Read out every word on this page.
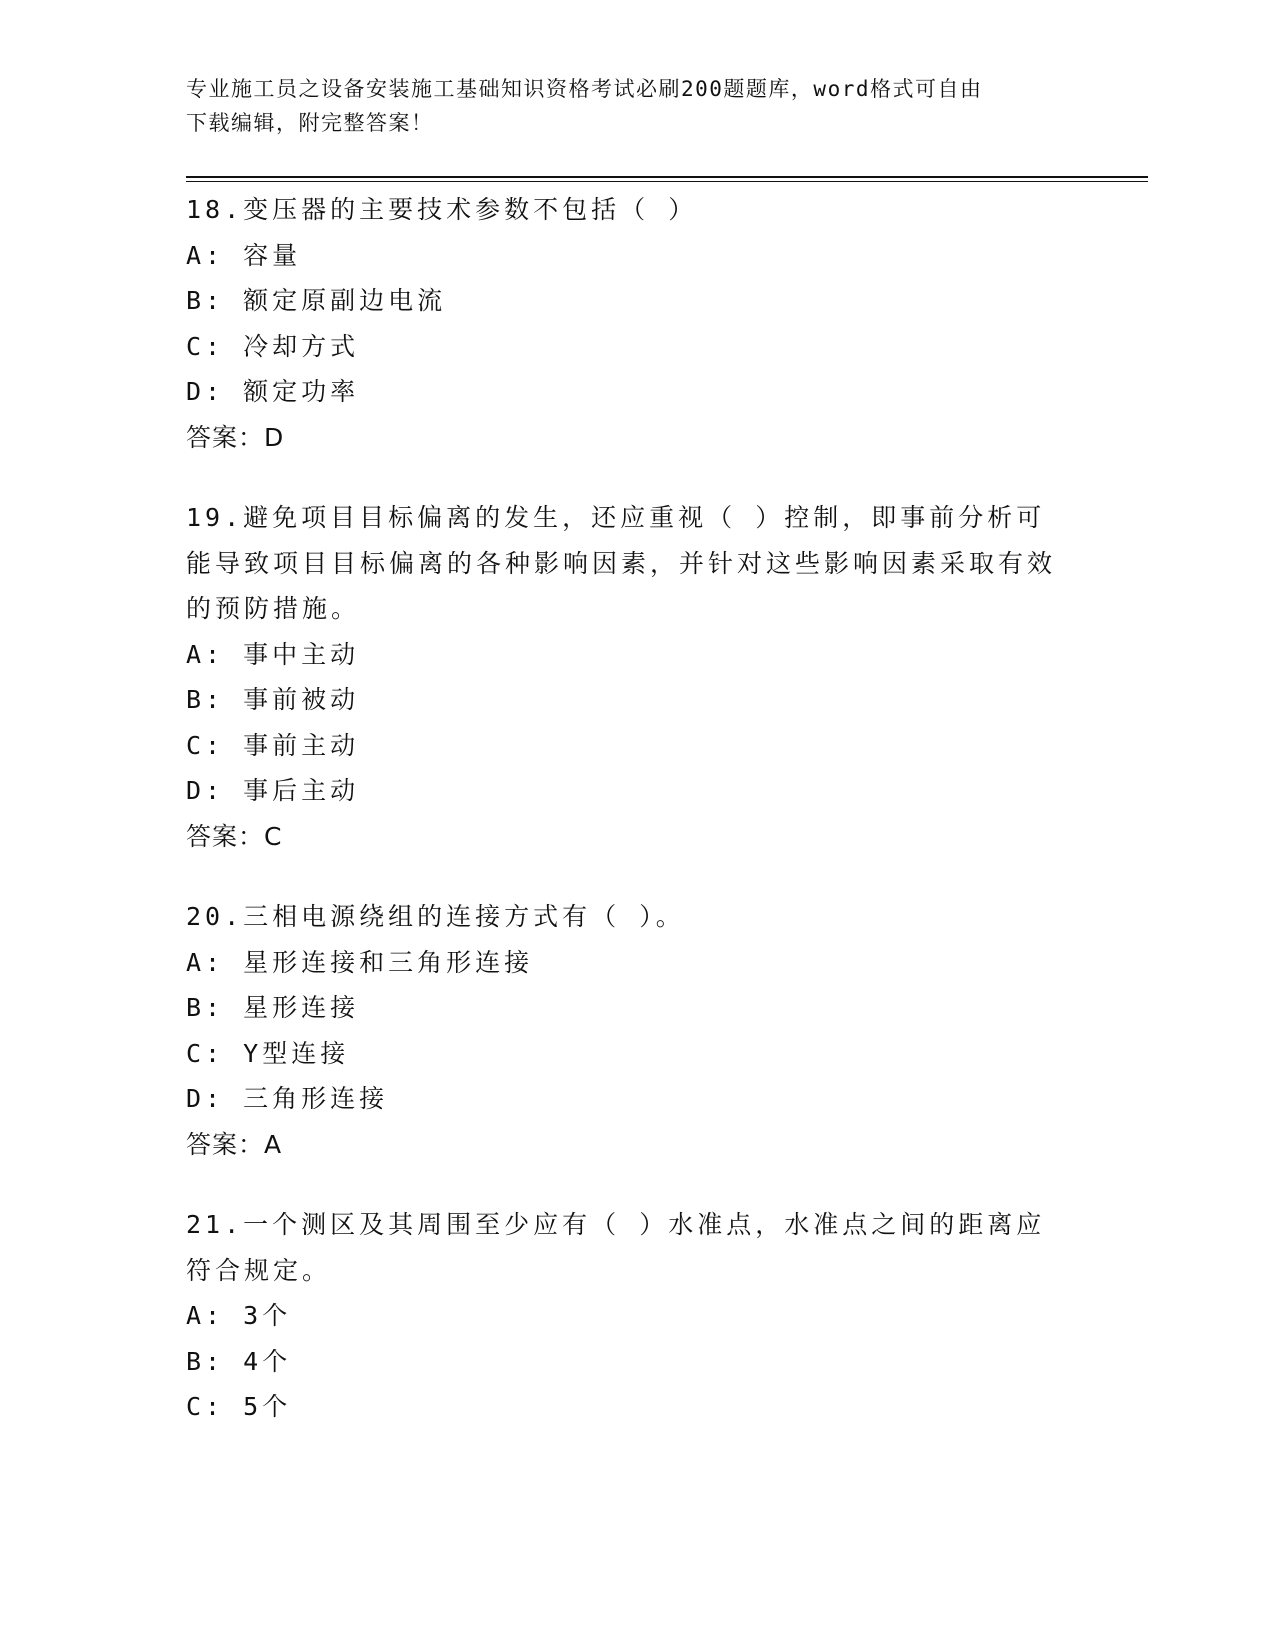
专业施工员之设备安装施工基础知识资格考试必刷200题题库，word格式可自由
下载编辑，附完整答案！
18.变压器的主要技术参数不包括（ ）
A: 容量
B: 额定原副边电流
C: 冷却方式
D: 额定功率
答案：D
19.避免项目目标偏离的发生，还应重视（ ）控制，即事前分析可能导致项目目标偏离的各种影响因素，并针对这些影响因素采取有效的预防措施。
A: 事中主动
B: 事前被动
C: 事前主动
D: 事后主动
答案：C
20.三相电源绕组的连接方式有（ ）。
A: 星形连接和三角形连接
B: 星形连接
C: Y型连接
D: 三角形连接
答案：A
21.一个测区及其周围至少应有（ ）水准点，水准点之间的距离应符合规定。
A: 3个
B: 4个
C: 5个
